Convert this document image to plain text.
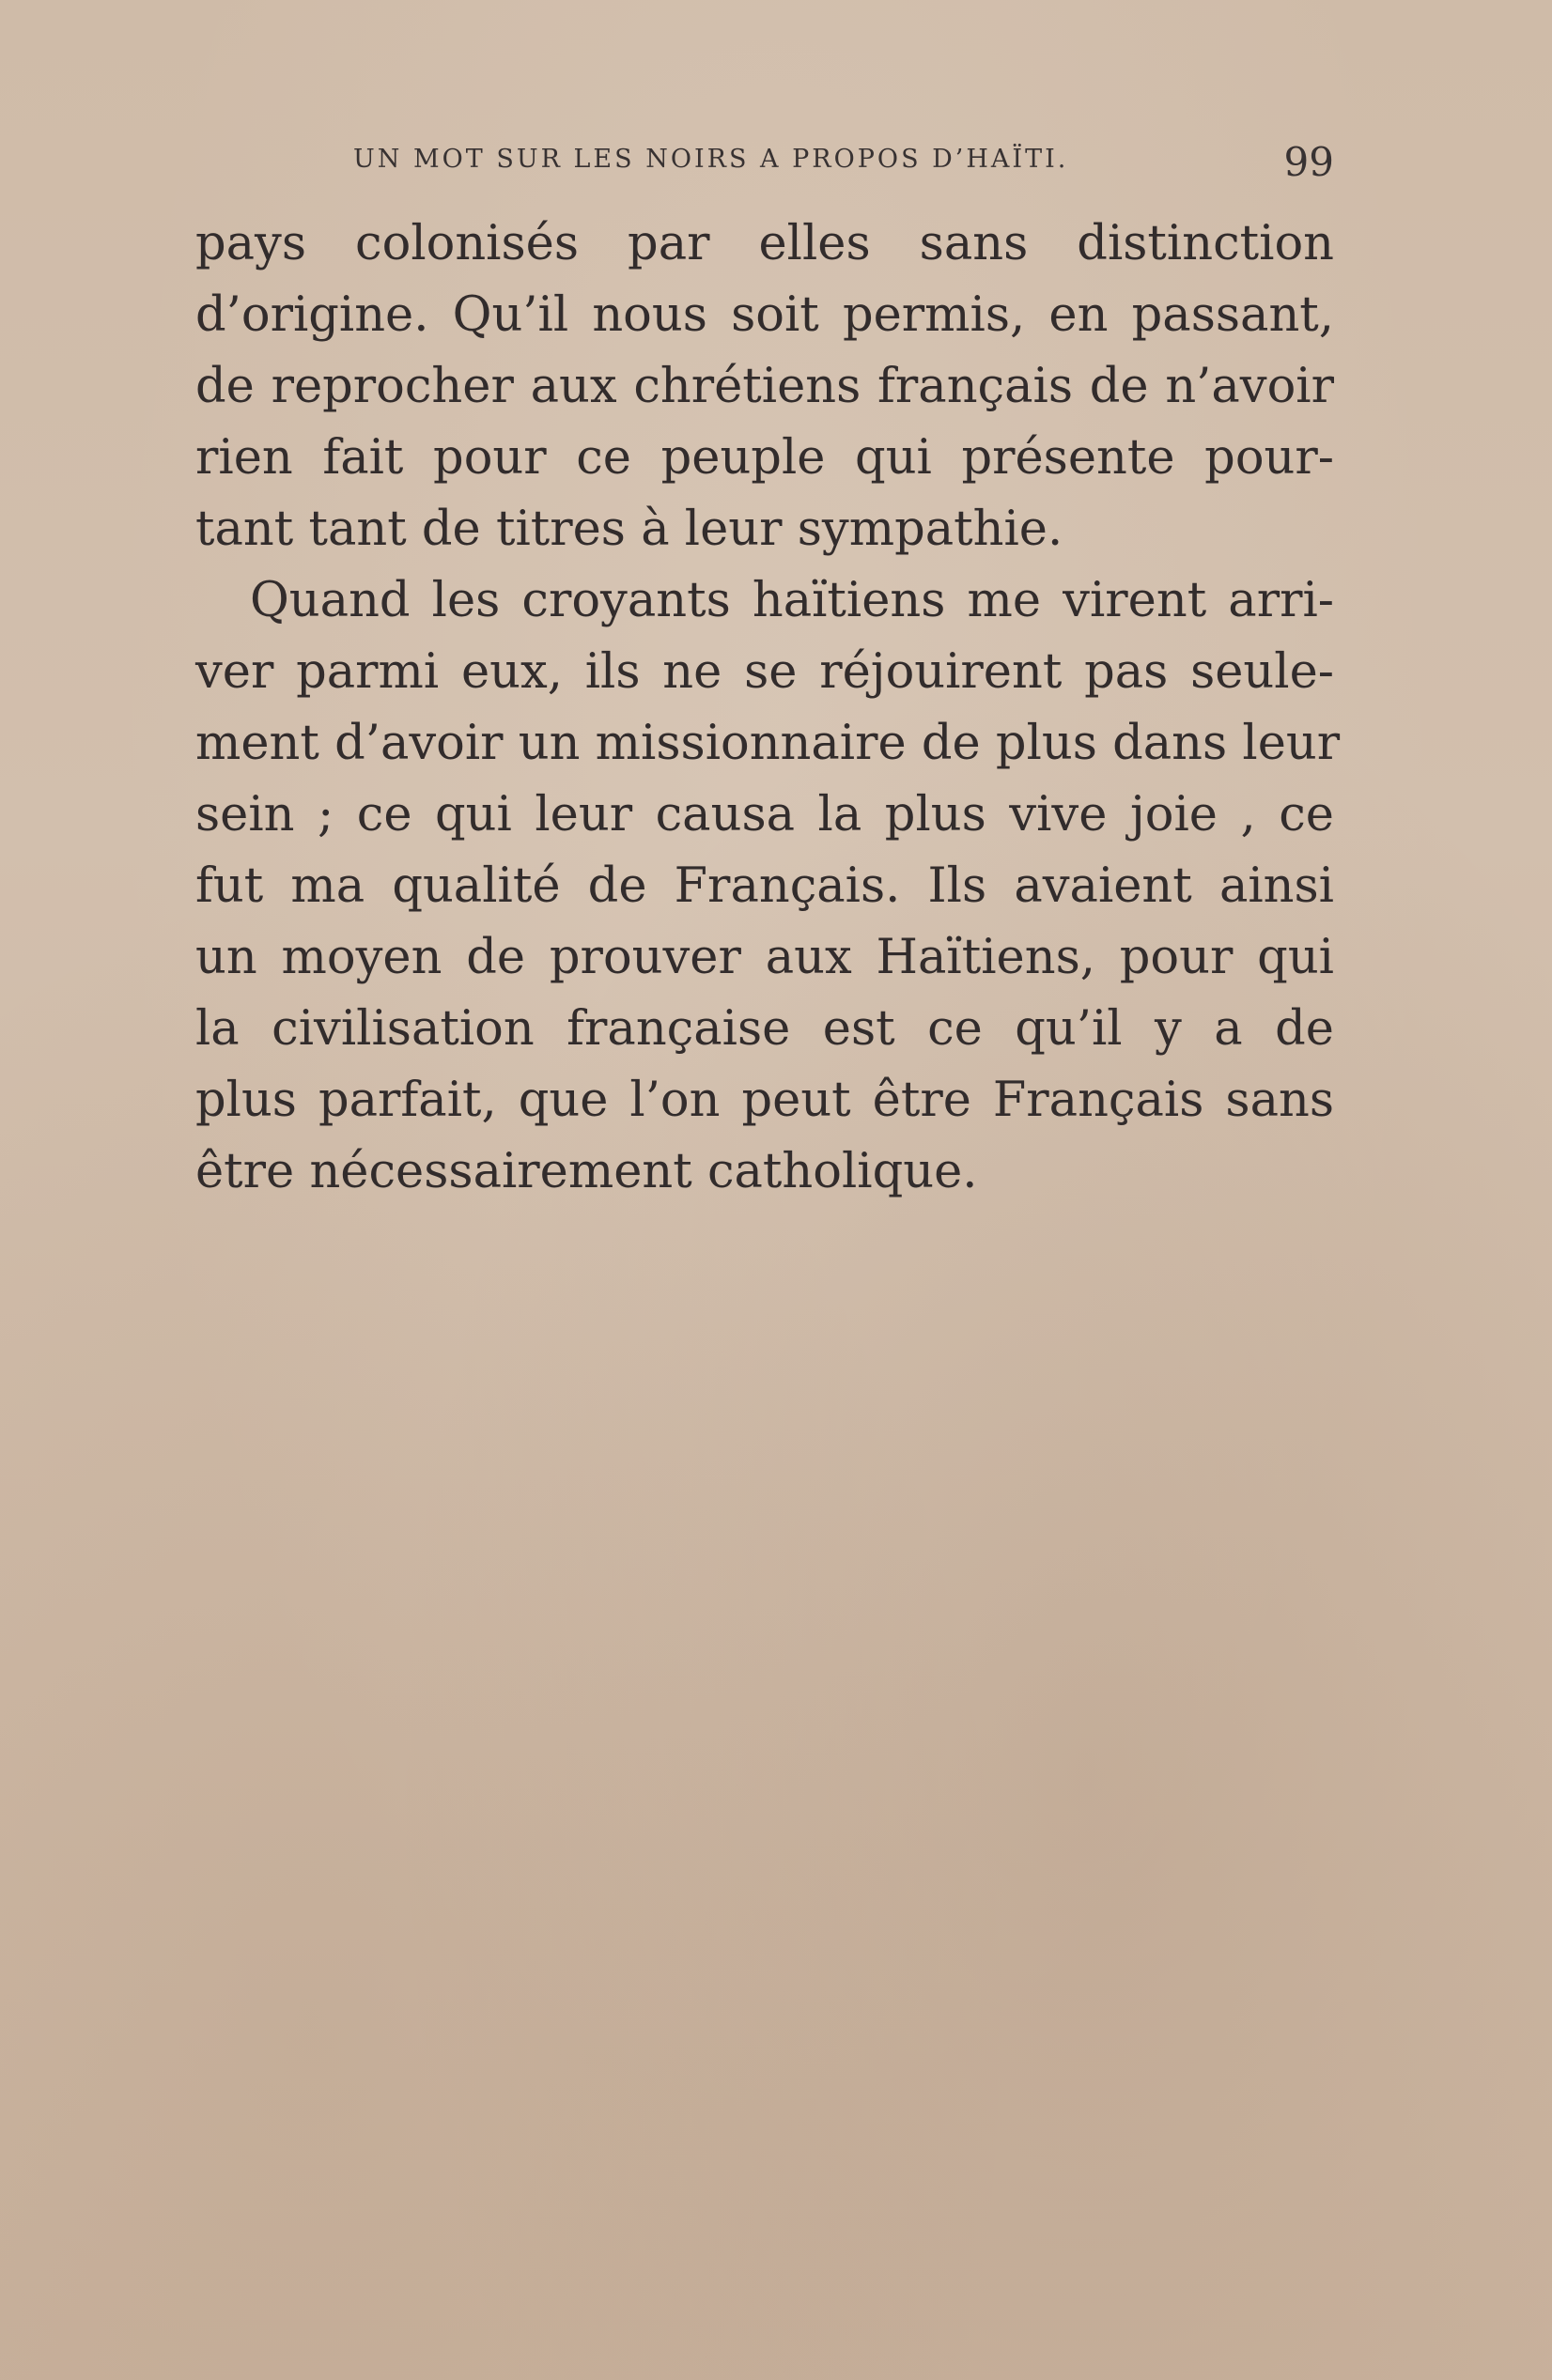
UN MOT SUR LES NOIRS A PROPOS D’HAÏTI.	99
pays colonisés par elles sans distinction
d’origine. Qu’il nous soit permis, en passant,
de reprocher aux chrétiens français de n’avoir
rien fait pour ce peuple qui présente pour-
tant tant de titres à leur sympathie.
Quand les croyants haïtiens me virent arri-
ver parmi eux, ils ne se réjouirent pas seule-
ment d’avoir un missionnaire de plus dans leur
sein ; ce qui leur causa la plus vive joie , ce
fut ma qualité de Français. Ils avaient ainsi
un moyen de prouver aux Haïtiens, pour qui
la civilisation française est ce qu’il y a de
plus parfait, que l’on peut être Français sans
être nécessairement catholique.
